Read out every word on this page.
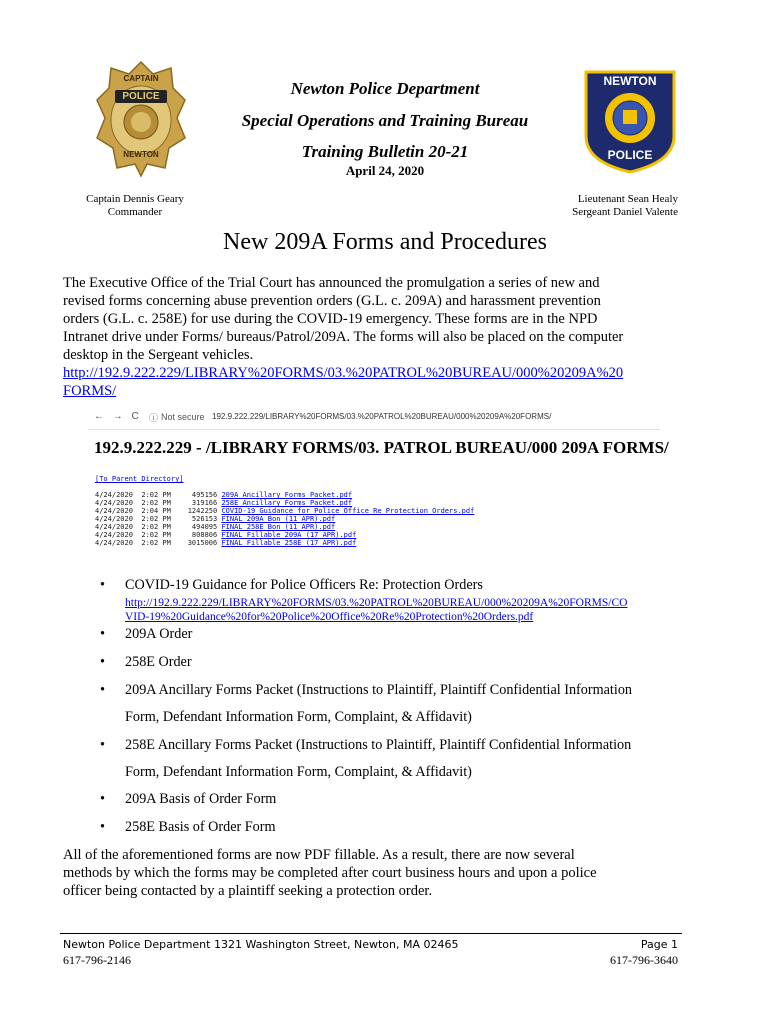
CAPTAIN
POLICE
NEWTON
NEWTON
POLICE
Newton Police Department
Special Operations and Training Bureau
Training Bulletin 20-21
April 24, 2020
Captain Dennis Geary
Commander
Lieutenant Sean Healy
Sergeant Daniel Valente
New 209A Forms and Procedures
The Executive Office of the Trial Court has announced the promulgation a series of new and
revised forms concerning abuse prevention orders (G.L. c. 209A) and harassment prevention
orders (G.L. c. 258E) for use during the COVID-19 emergency. These forms are in the NPD
Intranet drive under Forms/ bureaus/Patrol/209A. The forms will also be placed on the computer
desktop in the Sergeant vehicles.
http://192.9.222.229/LIBRARY%20FORMS/03.%20PATROL%20BUREAU/000%20209A%20
FORMS/
← → C ⓘ Not secure 192.9.222.229/LIBRARY%20FORMS/03.%20PATROL%20BUREAU/000%20209A%20FORMS/
192.9.222.229 - /LIBRARY FORMS/03. PATROL BUREAU/000 209A FORMS/
[To Parent Directory]
4/24/2020  2:02 PM     495156 209A Ancillary Forms Packet.pdf
4/24/2020  2:02 PM     319166 258E Ancillary Forms Packet.pdf
4/24/2020  2:04 PM    1242250 COVID-19 Guidance for Police Office Re Protection Orders.pdf
4/24/2020  2:02 PM     526153 FINAL 209A Bon (11 APR).pdf
4/24/2020  2:02 PM     494095 FINAL 258E Bon (11 APR).pdf
4/24/2020  2:02 PM     808806 FINAL Fillable 209A (17 APR).pdf
4/24/2020  2:02 PM    3015006 FINAL Fillable 258E (17 APR).pdf
• COVID-19 Guidance for Police Officers Re: Protection Orders
http://192.9.222.229/LIBRARY%20FORMS/03.%20PATROL%20BUREAU/000%20209A%20FORMS/CO
VID-19%20Guidance%20for%20Police%20Office%20Re%20Protection%20Orders.pdf
• 209A Order
• 258E Order
• 209A Ancillary Forms Packet (Instructions to Plaintiff, Plaintiff Confidential Information
Form, Defendant Information Form, Complaint, & Affidavit)
• 258E Ancillary Forms Packet (Instructions to Plaintiff, Plaintiff Confidential Information
Form, Defendant Information Form, Complaint, & Affidavit)
• 209A Basis of Order Form
• 258E Basis of Order Form
All of the aforementioned forms are now PDF fillable. As a result, there are now several
methods by which the forms may be completed after court business hours and upon a police
officer being contacted by a plaintiff seeking a protection order.
Newton Police Department 1321 Washington Street, Newton, MA 02465
617-796-2146
Page 1
617-796-3640
